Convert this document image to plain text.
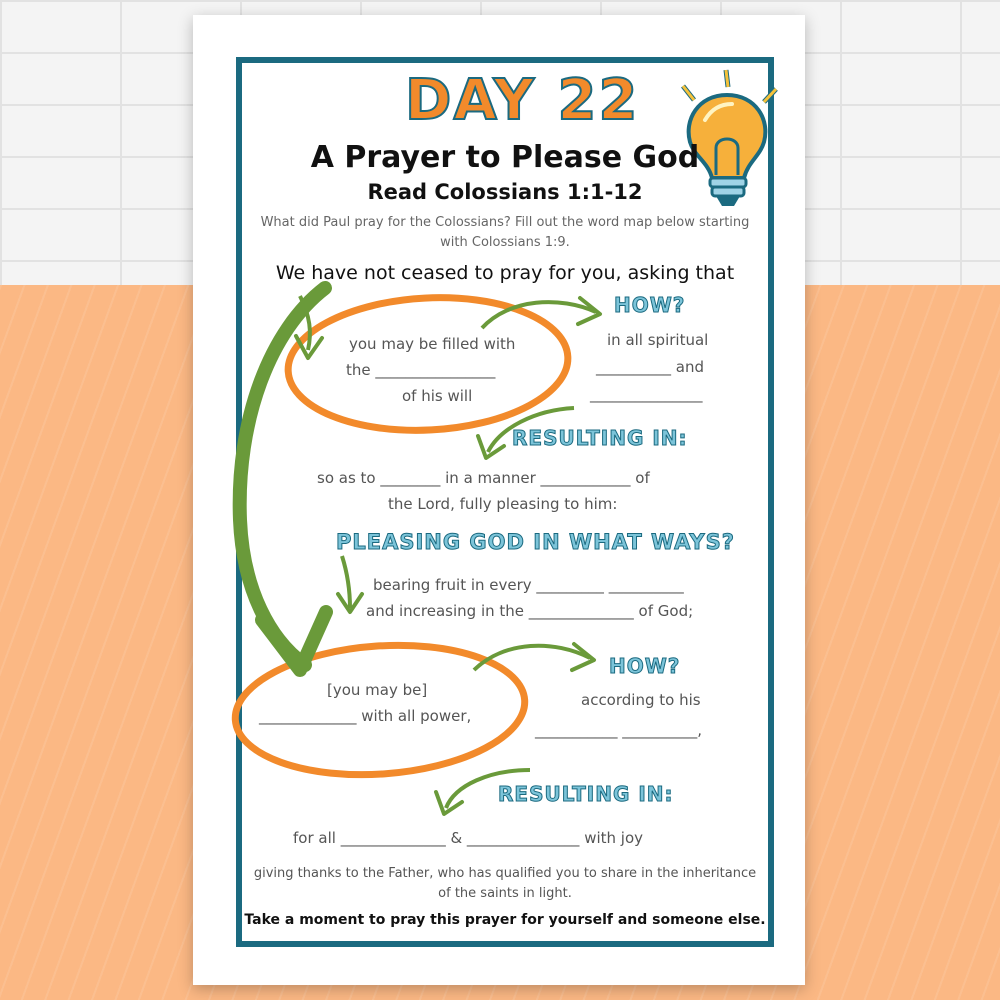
DAY 22
A Prayer to Please God
Read Colossians 1:1-12
What did Paul pray for the Colossians? Fill out the word map below starting with Colossians 1:9.
We have not ceased to pray for you, asking that
you may be filled with
the ________________
of his will
HOW?
in all spiritual
__________ and
_______________
RESULTING IN:
so as to ________ in a manner ____________ of
the Lord, fully pleasing to him:
PLEASING GOD IN WHAT WAYS?
bearing fruit in every _________ __________
and increasing in the ______________ of God;
[you may be]
_____________ with all power,
HOW?
according to his
___________ __________,
RESULTING IN:
for all ______________ & _______________ with joy
giving thanks to the Father, who has qualified you to share in the inheritance of the saints in light.
Take a moment to pray this prayer for yourself and someone else.
